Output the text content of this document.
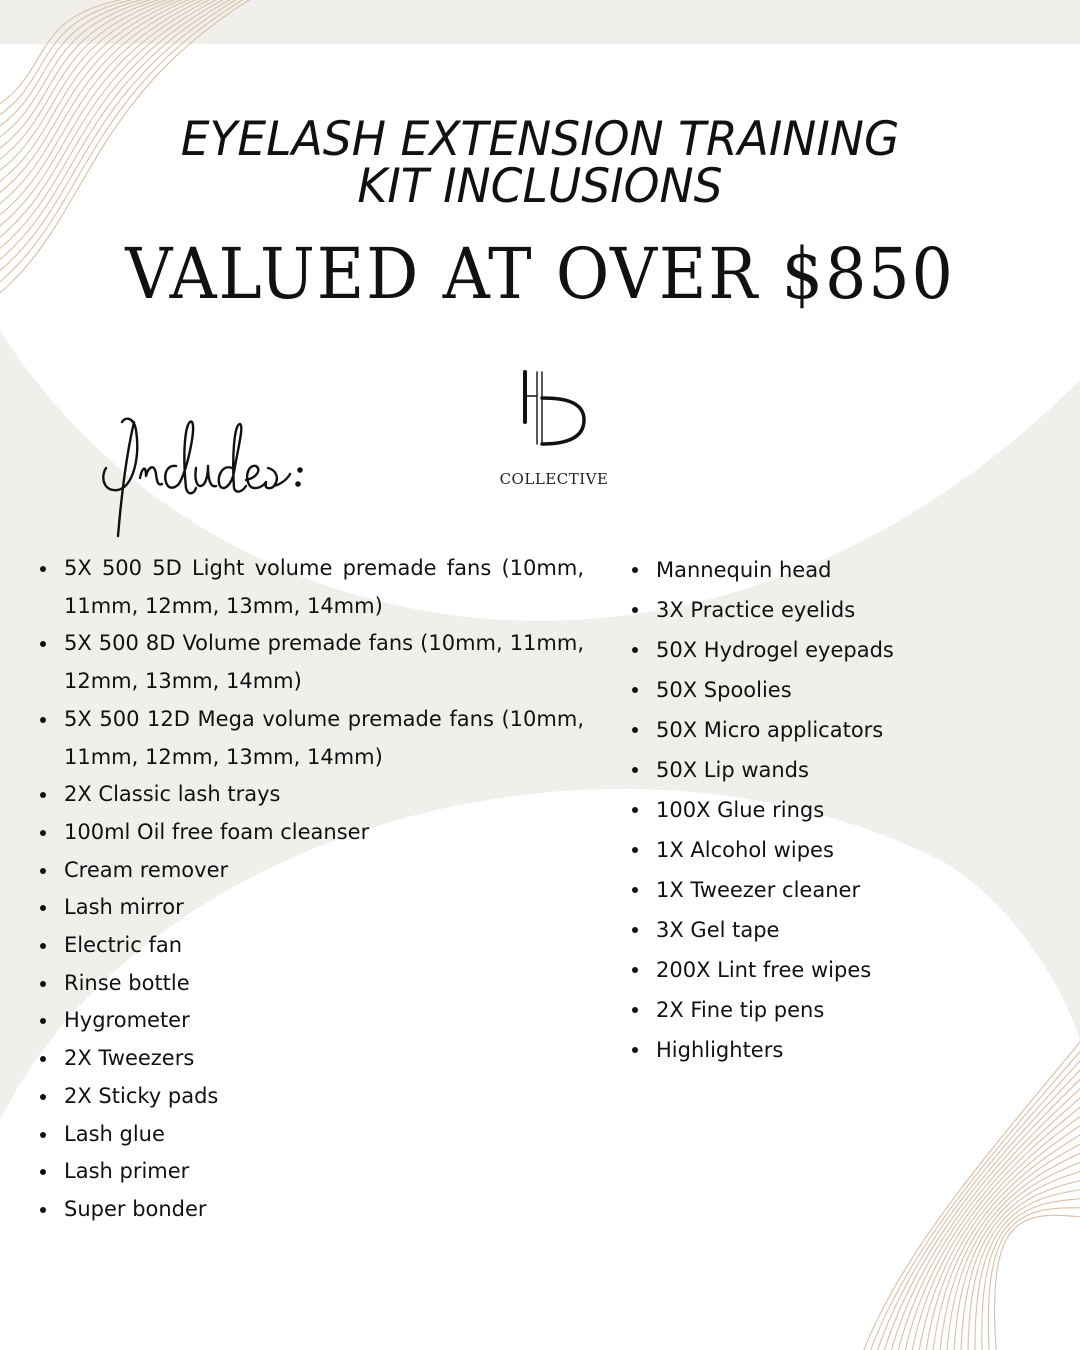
EYELASH EXTENSION TRAINING
KIT INCLUSIONS
VALUED AT OVER $850
COLLECTIVE
5X 500 5D Light volume premade fans (10mm, 11mm, 12mm, 13mm, 14mm)
5X 500 8D Volume premade fans (10mm, 11mm, 12mm, 13mm, 14mm)
5X 500 12D Mega volume premade fans (10mm, 11mm, 12mm, 13mm, 14mm)
2X Classic lash trays
100ml Oil free foam cleanser
Cream remover
Lash mirror
Electric fan
Rinse bottle
Hygrometer
2X Tweezers
2X Sticky pads
Lash glue
Lash primer
Super bonder
Mannequin head
3X Practice eyelids
50X Hydrogel eyepads
50X Spoolies
50X Micro applicators
50X Lip wands
100X Glue rings
1X Alcohol wipes
1X Tweezer cleaner
3X Gel tape
200X Lint free wipes
2X Fine tip pens
Highlighters
